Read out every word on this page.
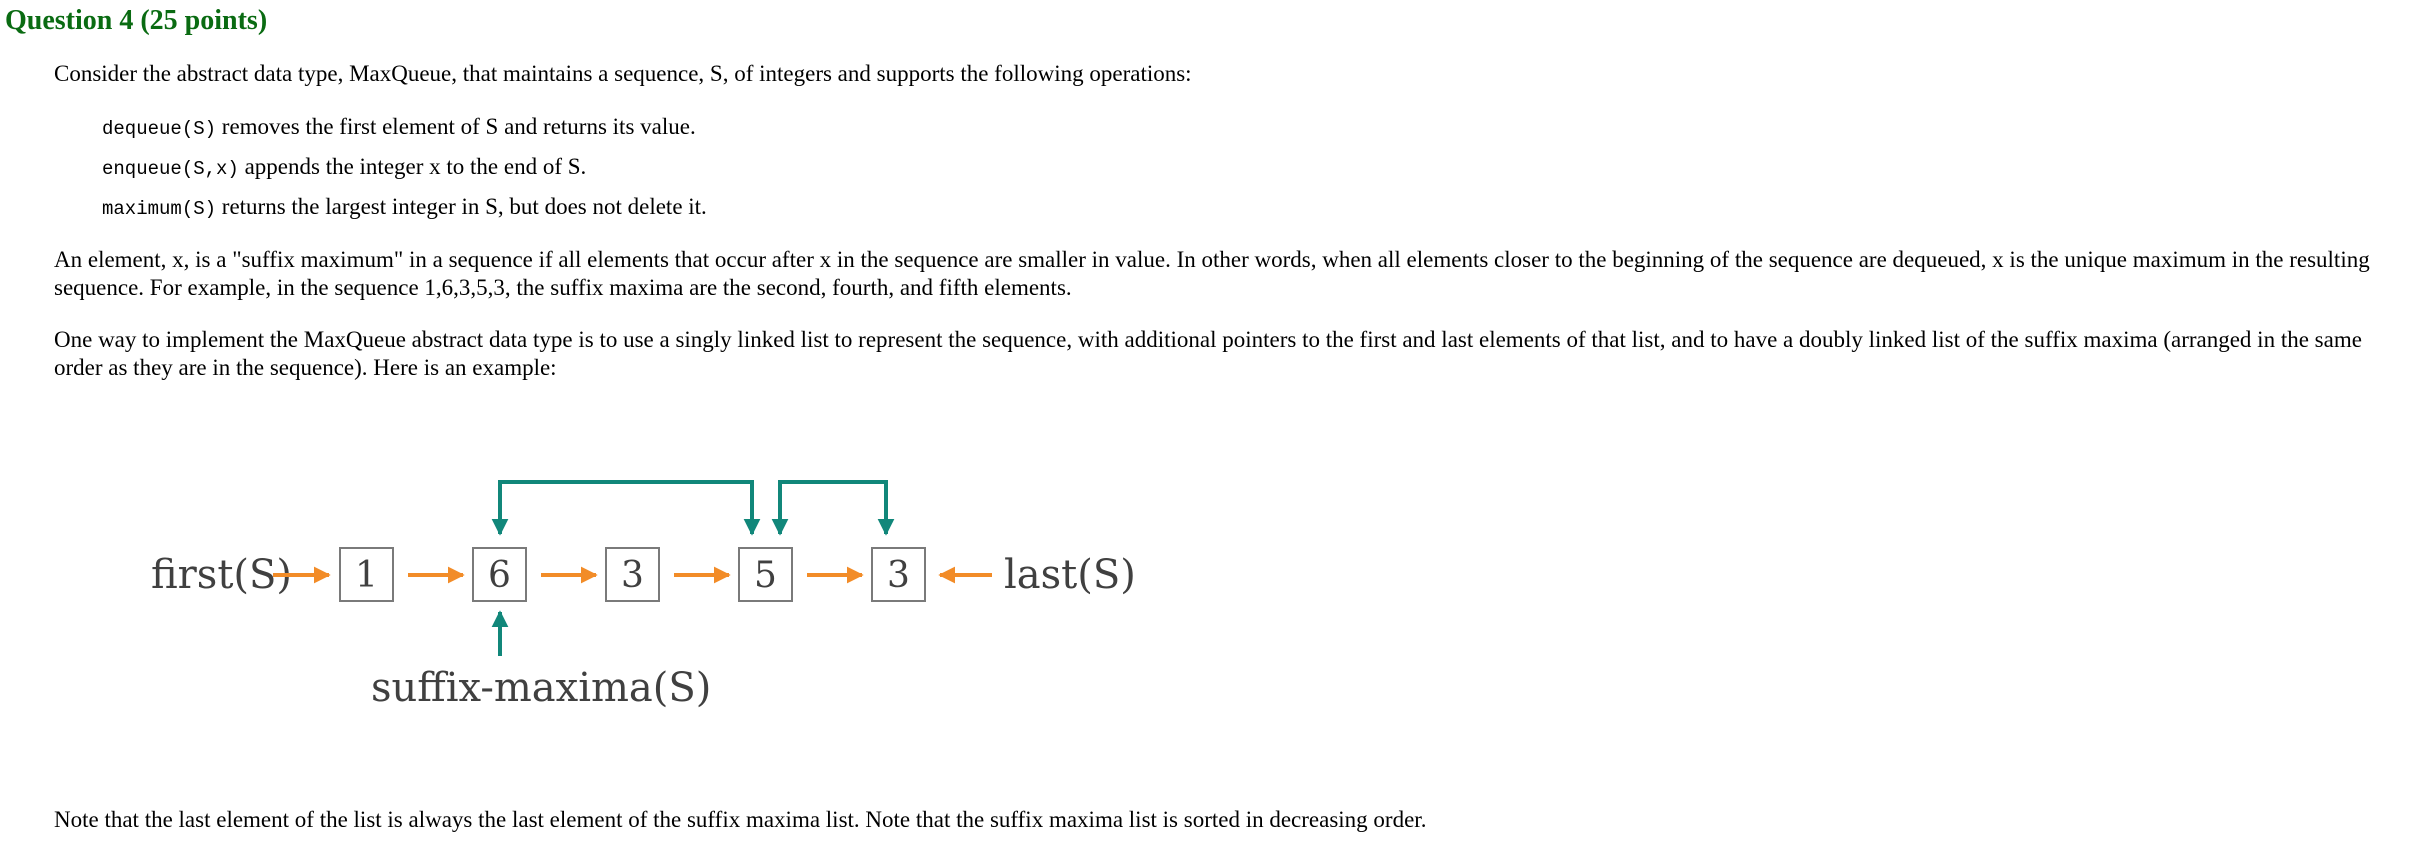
Question 4 (25 points)

Consider the abstract data type, MaxQueue, that maintains a sequence, S, of integers and supports the following operations:

dequeue(S) removes the first element of S and returns its value.

enqueue(S,x) appends the integer x to the end of S.

maximum(S) returns the largest integer in S, but does not delete it.

An element, x, is a "suffix maximum" in a sequence if all elements that occur after x in the sequence are smaller in value. In other words, when all elements closer to the beginning of the sequence are dequeued, x is the unique maximum in the resulting sequence. For example, in the sequence 1,6,3,5,3, the suffix maxima are the second, fourth, and fifth elements.

One way to implement the MaxQueue abstract data type is to use a singly linked list to represent the sequence, with additional pointers to the first and last elements of that list, and to have a doubly linked list of the suffix maxima (arranged in the same order as they are in the sequence). Here is an example:

first(S)	last(S)
suffix-maxima(S)
1	6	3	5	3

Note that the last element of the list is always the last element of the suffix maxima list. Note that the suffix maxima list is sorted in decreasing order.
